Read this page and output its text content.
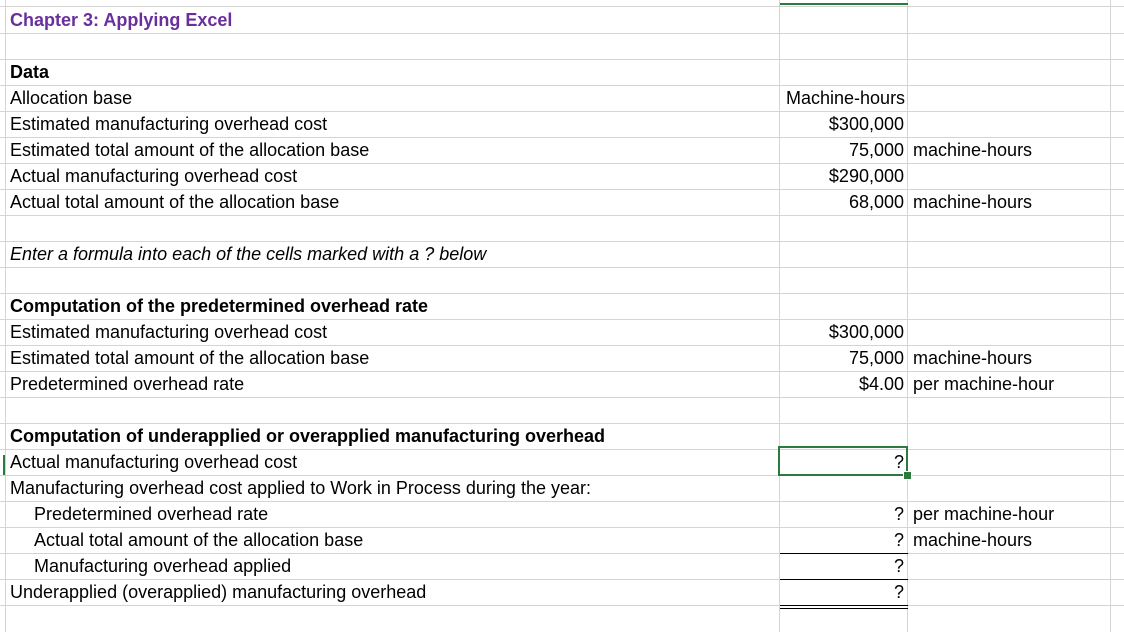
Chapter 3: Applying Excel
Data
Allocation base	Machine-hours
Estimated manufacturing overhead cost	$300,000
Estimated total amount of the allocation base	75,000 machine-hours
Actual manufacturing overhead cost	$290,000
Actual total amount of the allocation base	68,000 machine-hours
Enter a formula into each of the cells marked with a ? below
Computation of the predetermined overhead rate
Estimated manufacturing overhead cost	$300,000
Estimated total amount of the allocation base	75,000 machine-hours
Predetermined overhead rate	$4.00 per machine-hour
Computation of underapplied or overapplied manufacturing overhead
Actual manufacturing overhead cost	?
Manufacturing overhead cost applied to Work in Process during the year:
Predetermined overhead rate	? per machine-hour
Actual total amount of the allocation base	? machine-hours
Manufacturing overhead applied	?
Underapplied (overapplied) manufacturing overhead	?
